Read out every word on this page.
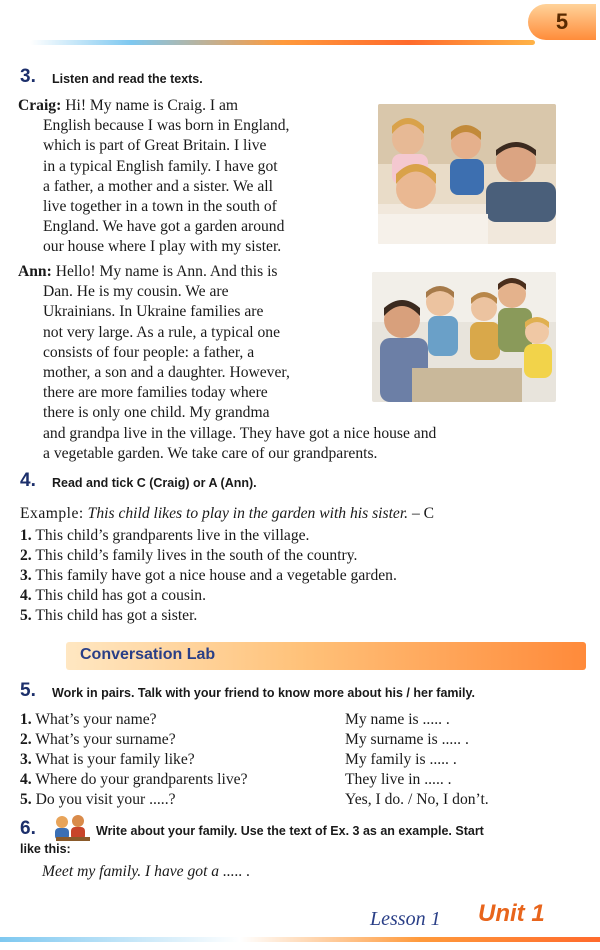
5
3. Listen and read the texts.
Craig: Hi! My name is Craig. I am
English because I was born in England,
which is part of Great Britain. I live
in a typical English family. I have got
a father, a mother and a sister. We all
live together in a town in the south of
England. We have got a garden around
our house where I play with my sister.
Ann: Hello! My name is Ann. And this is
Dan. He is my cousin. We are
Ukrainians. In Ukraine families are
not very large. As a rule, a typical one
consists of four people: a father, a
mother, a son and a daughter. However,
there are more families today where
there is only one child. My grandma
and grandpa live in the village. They have got a nice house and
a vegetable garden. We take care of our grandparents.
4. Read and tick C (Craig) or A (Ann).
Example: This child likes to play in the garden with his sister. – C
1. This child’s grandparents live in the village.
2. This child’s family lives in the south of the country.
3. This family have got a nice house and a vegetable garden.
4. This child has got a cousin.
5. This child has got a sister.
Conversation Lab
5. Work in pairs. Talk with your friend to know more about his / her family.
1. What’s your name?	My name is ..... .
2. What’s your surname?	My surname is ..... .
3. What is your family like?	My family is ..... .
4. Where do your grandparents live?	They live in ..... .
5. Do you visit your .....?	Yes, I do. / No, I don’t.
6.	Write about your family. Use the text of Ex. 3 as an example. Start
like this:
Meet my family. I have got a ..... .
Lesson 1 Unit 1
